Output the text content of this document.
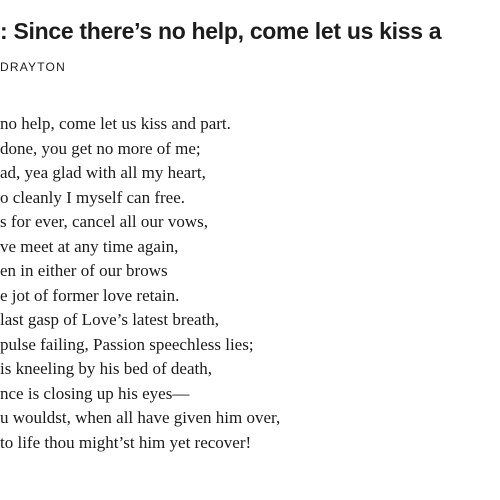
: Since there’s no help, come let us kiss a
DRAYTON
no help, come let us kiss and part.
done, you get no more of me;
ad, yea glad with all my heart,
o cleanly I myself can free.
s for ever, cancel all our vows,
ve meet at any time again,
en in either of our brows
e jot of former love retain.
last gasp of Love’s latest breath,
pulse failing, Passion speechless lies;
is kneeling by his bed of death,
nce is closing up his eyes—
u wouldst, when all have given him over,
to life thou might’st him yet recover!
